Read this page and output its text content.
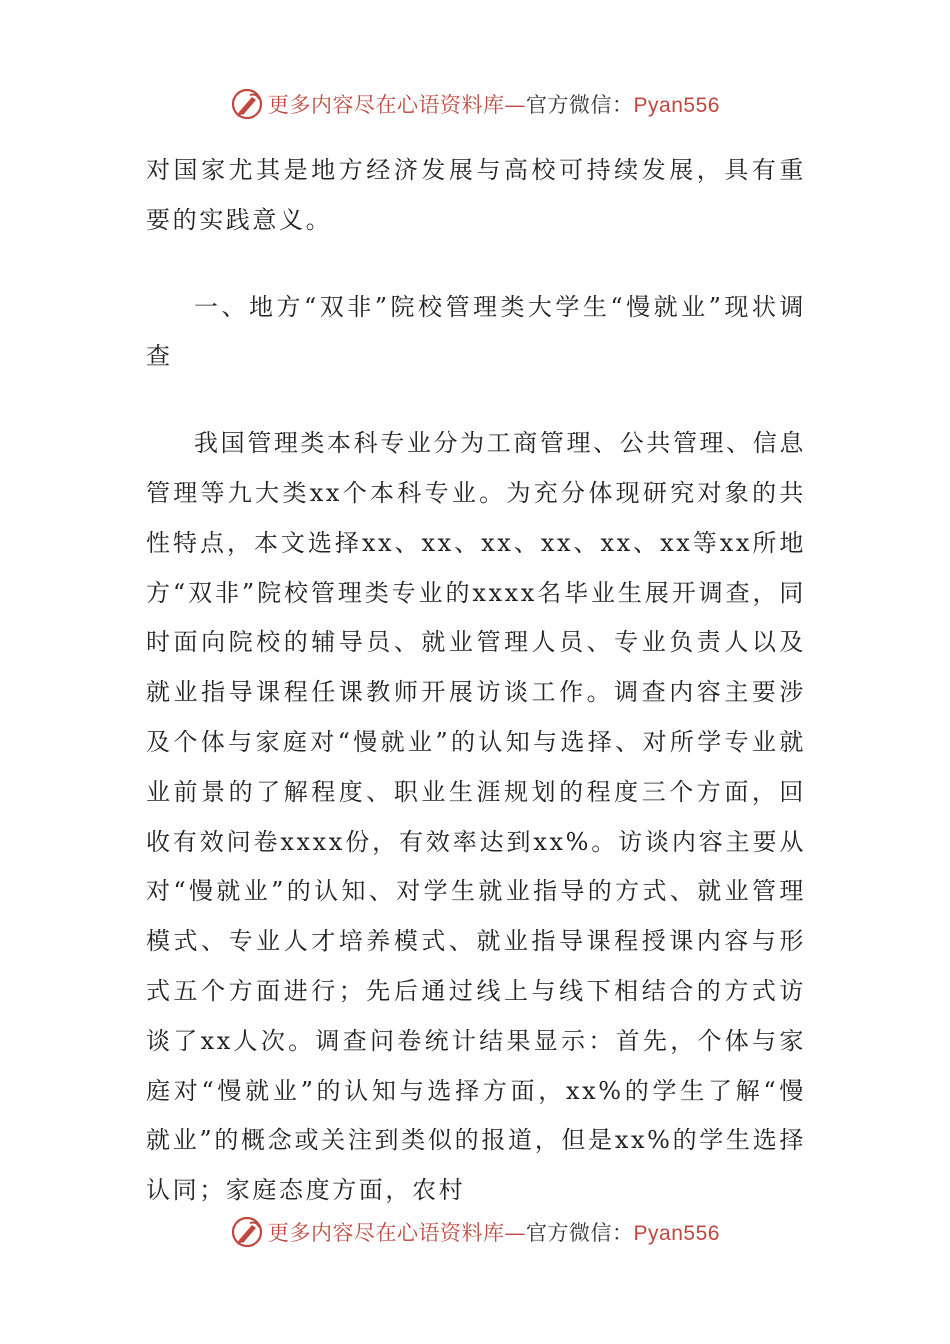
更多内容尽在心语资料库—官方微信：Pyan556

对国家尤其是地方经济发展与高校可持续发展，具有重要的实践意义。

一、地方“双非”院校管理类大学生“慢就业”现状调查

我国管理类本科专业分为工商管理、公共管理、信息管理等九大类xx个本科专业。为充分体现研究对象的共性特点，本文选择xx、xx、xx、xx、xx、xx等xx所地方“双非”院校管理类专业的xxxx名毕业生展开调查，同时面向院校的辅导员、就业管理人员、专业负责人以及就业指导课程任课教师开展访谈工作。调查内容主要涉及个体与家庭对“慢就业”的认知与选择、对所学专业就业前景的了解程度、职业生涯规划的程度三个方面，回收有效问卷xxxx份，有效率达到xx%。访谈内容主要从对“慢就业”的认知、对学生就业指导的方式、就业管理模式、专业人才培养模式、就业指导课程授课内容与形式五个方面进行；先后通过线上与线下相结合的方式访谈了xx人次。调查问卷统计结果显示：首先，个体与家庭对“慢就业”的认知与选择方面，xx%的学生了解“慢就业”的概念或关注到类似的报道，但是xx%的学生选择认同；家庭态度方面，农村

更多内容尽在心语资料库—官方微信：Pyan556
